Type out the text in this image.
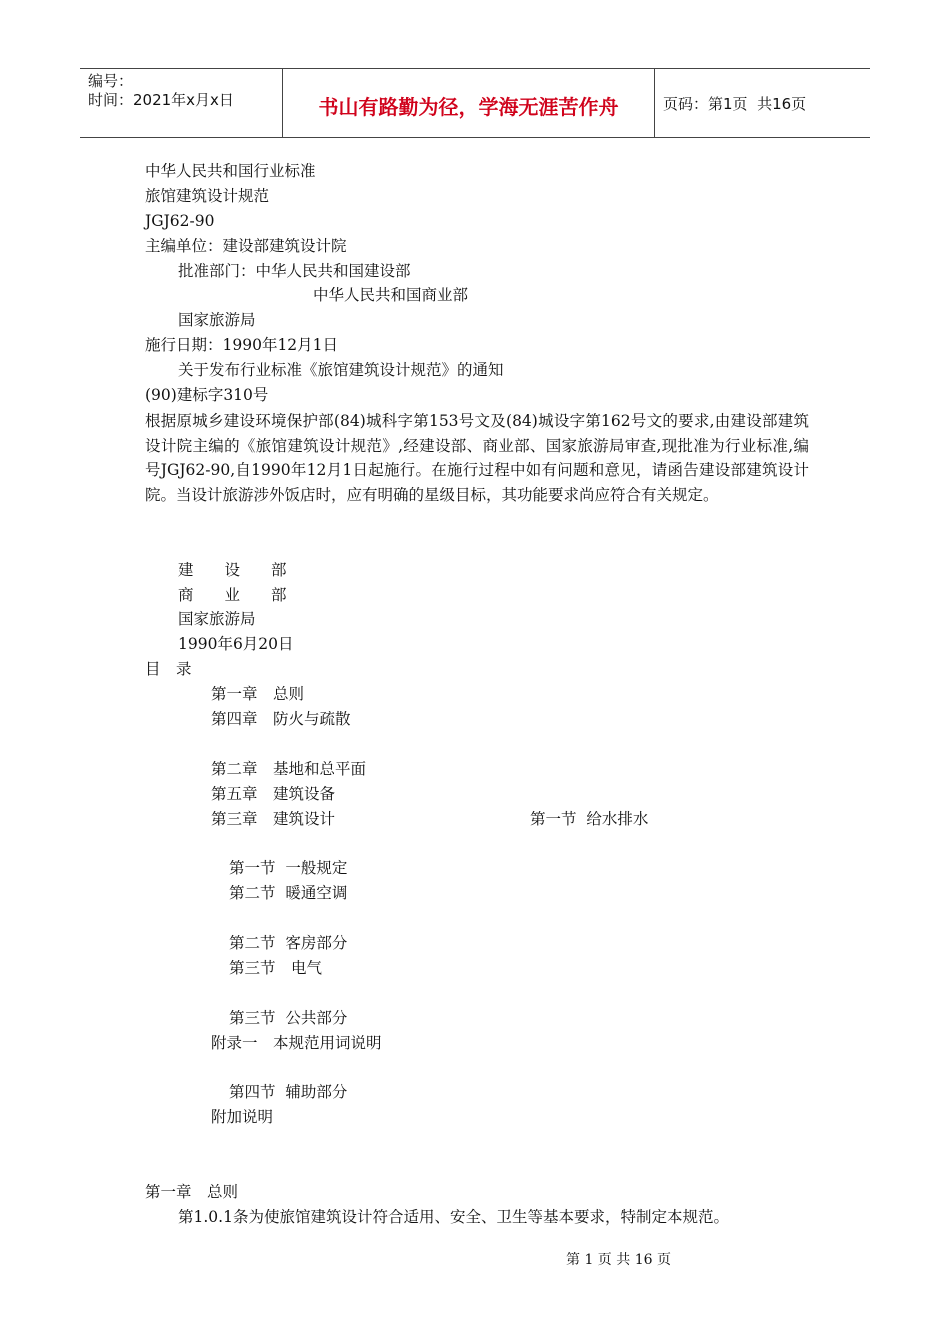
编号：
时间：2021年x月x日	书山有路勤为径，学海无涯苦作舟	页码：第1页  共16页
中华人民共和国行业标准
旅馆建筑设计规范
JGJ62-90
主编单位：建设部建筑设计院
批准部门：中华人民共和国建设部
中华人民共和国商业部
国家旅游局
施行日期：1990年12月1日
关于发布行业标准《旅馆建筑设计规范》的通知
(90)建标字310号
根据原城乡建设环境保护部(84)城科字第153号文及(84)城设字第162号文的要求,由建设部建筑设计院主编的《旅馆建筑设计规范》,经建设部、商业部、国家旅游局审查,现批准为行业标准,编号JGJ62-90,自1990年12月1日起施行。在施行过程中如有问题和意见，请函告建设部建筑设计院。当设计旅游涉外饭店时，应有明确的星级目标，其功能要求尚应符合有关规定。
建　　设　　部
商　　业　　部
国家旅游局
1990年6月20日
目　录
第一章　总则
第四章　防火与疏散
第二章　基地和总平面
第五章　建筑设备
第三章　建筑设计	第一节  给水排水
第一节  一般规定
第二节  暖通空调
第二节  客房部分
第三节　电气
第三节  公共部分
附录一　本规范用词说明
第四节  辅助部分
附加说明
第一章　总则
第1.0.1条为使旅馆建筑设计符合适用、安全、卫生等基本要求，特制定本规范。
第 1 页 共 16 页
